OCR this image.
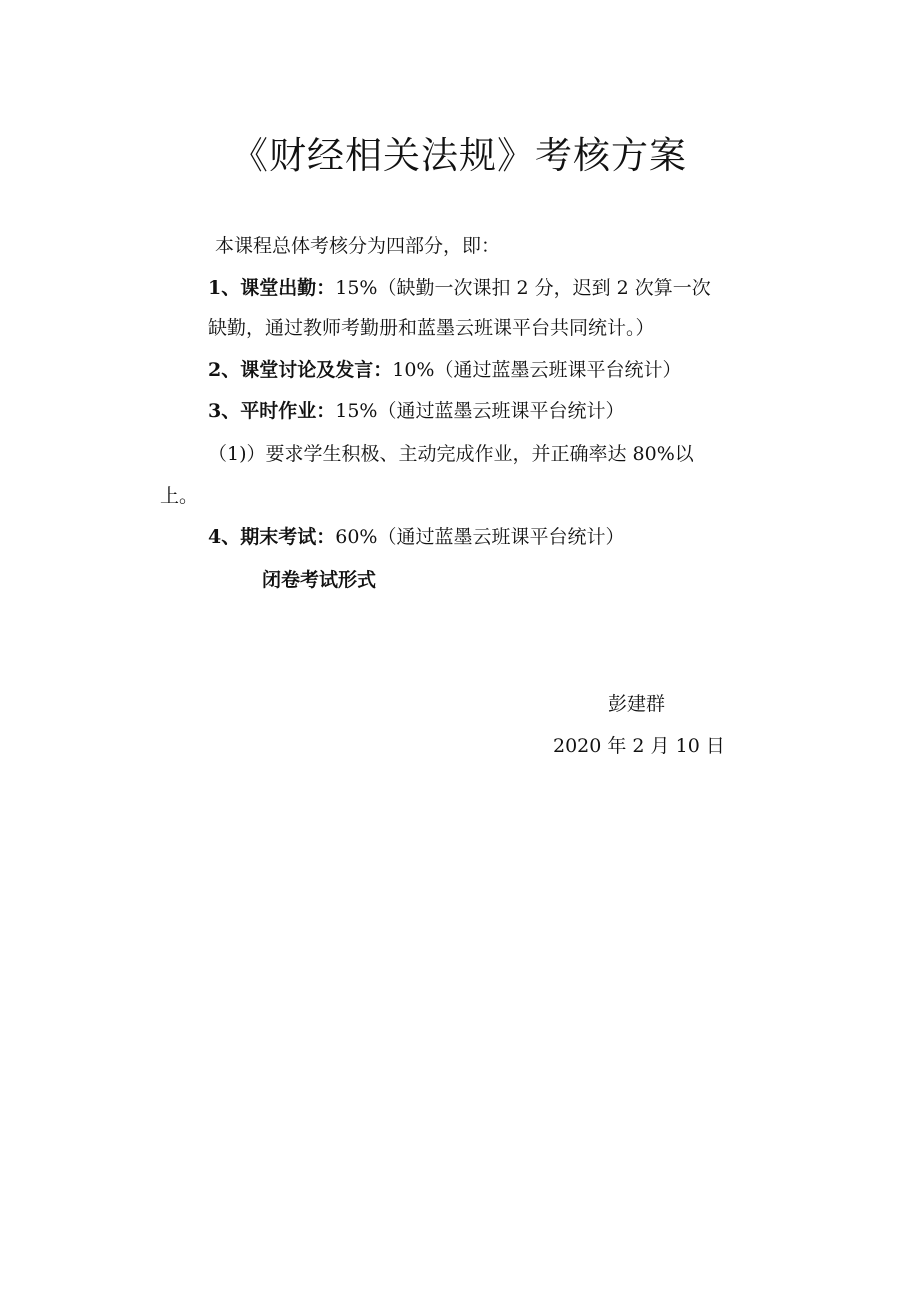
《财经相关法规》考核方案

本课程总体考核分为四部分，即：

1、课堂出勤：15%（缺勤一次课扣 2 分，迟到 2 次算一次

缺勤，通过教师考勤册和蓝墨云班课平台共同统计。）

2、课堂讨论及发言：10%（通过蓝墨云班课平台统计）

3、平时作业：15%（通过蓝墨云班课平台统计）

（1)）要求学生积极、主动完成作业，并正确率达 80%以

上。

4、期末考试：60%（通过蓝墨云班课平台统计）

闭卷考试形式

彭建群
2020 年 2 月 10 日
